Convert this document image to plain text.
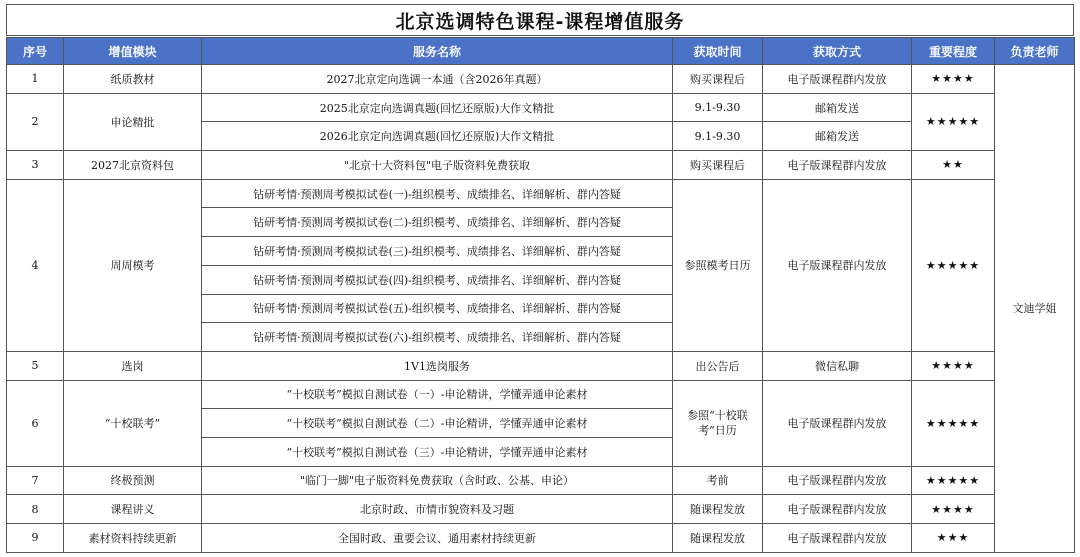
北京选调特色课程-课程增值服务
序号	增值模块	服务名称	获取时间	获取方式	重要程度	负责老师
1	纸质教材	2027北京定向选调一本通（含2026年真题）	购买课程后	电子版课程群内发放	★★★★	文迪学姐
2	申论精批	2025北京定向选调真题(回忆还原版)大作文精批	9.1-9.30	邮箱发送	★★★★★	
		2026北京定向选调真题(回忆还原版)大作文精批	9.1-9.30	邮箱发送		
3	2027北京资料包	"北京十大资料包"电子版资料免费获取	购买课程后	电子版课程群内发放	★★	
4	周周模考	钻研考情·预测周考模拟试卷(一)-组织模考、成绩排名、详细解析、群内答疑	参照模考日历	电子版课程群内发放	★★★★★	
		钻研考情·预测周考模拟试卷(二)-组织模考、成绩排名、详细解析、群内答疑				
		钻研考情·预测周考模拟试卷(三)-组织模考、成绩排名、详细解析、群内答疑				
		钻研考情·预测周考模拟试卷(四)-组织模考、成绩排名、详细解析、群内答疑				
		钻研考情·预测周考模拟试卷(五)-组织模考、成绩排名、详细解析、群内答疑				
		钻研考情·预测周考模拟试卷(六)-组织模考、成绩排名、详细解析、群内答疑				
5	选岗	1V1选岗服务	出公告后	微信私聊	★★★★	
6	“十校联考”	“十校联考”模拟自测试卷（一）-申论精讲，学懂弄通申论素材	参照“十校联考”日历	电子版课程群内发放	★★★★★	
		“十校联考”模拟自测试卷（二）-申论精讲，学懂弄通申论素材				
		“十校联考”模拟自测试卷（三）-申论精讲，学懂弄通申论素材				
7	终极预测	"临门一脚"电子版资料免费获取（含时政、公基、申论）	考前	电子版课程群内发放	★★★★★	
8	课程讲义	北京时政、市情市貌资料及习题	随课程发放	电子版课程群内发放	★★★★	
9	素材资料持续更新	全国时政、重要会议、通用素材持续更新	随课程发放	电子版课程群内发放	★★★	
